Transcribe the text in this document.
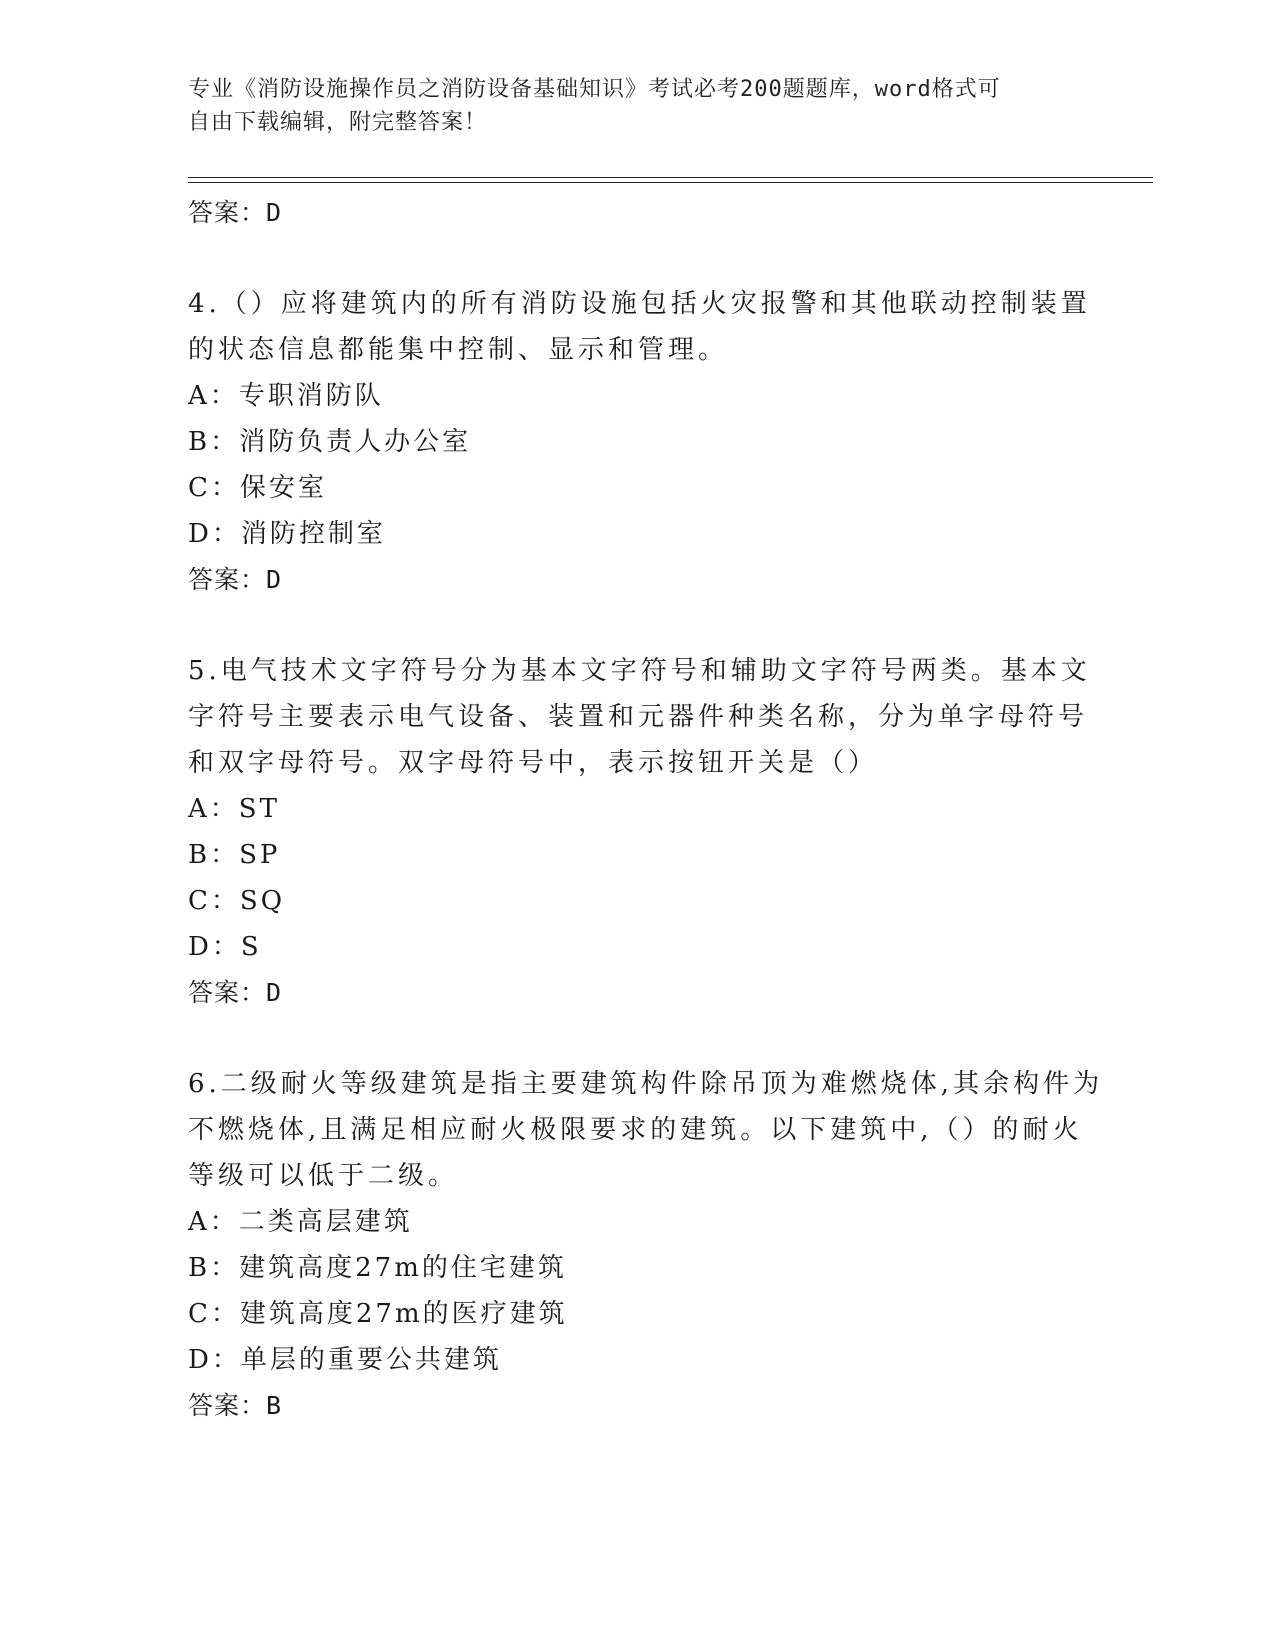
专业《消防设施操作员之消防设备基础知识》考试必考200题题库，word格式可
自由下载编辑，附完整答案！
答案：D
4.（）应将建筑内的所有消防设施包括火灾报警和其他联动控制装置
的状态信息都能集中控制、显示和管理。
A：专职消防队
B：消防负责人办公室
C：保安室
D：消防控制室
答案：D
5.电气技术文字符号分为基本文字符号和辅助文字符号两类。基本文
字符号主要表示电气设备、装置和元器件种类名称，分为单字母符号
和双字母符号。双字母符号中，表示按钮开关是（）
A：ST
B：SP
C：SQ
D：S
答案：D
6.二级耐火等级建筑是指主要建筑构件除吊顶为难燃烧体,其余构件为
不燃烧体,且满足相应耐火极限要求的建筑。以下建筑中,（）的耐火
等级可以低于二级。
A：二类高层建筑
B：建筑高度27m的住宅建筑
C：建筑高度27m的医疗建筑
D：单层的重要公共建筑
答案：B
